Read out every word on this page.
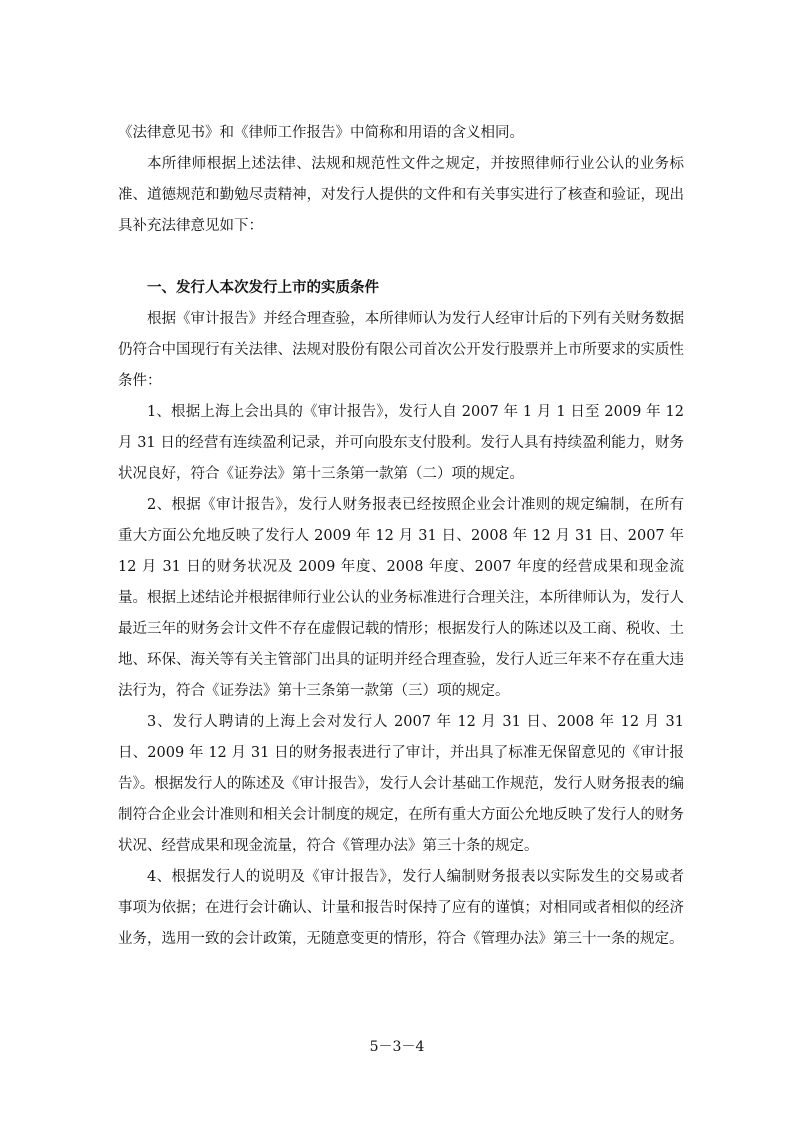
《法律意见书》和《律师工作报告》中简称和用语的含义相同。

本所律师根据上述法律、法规和规范性文件之规定，并按照律师行业公认的业务标准、道德规范和勤勉尽责精神，对发行人提供的文件和有关事实进行了核查和验证，现出具补充法律意见如下：

一、发行人本次发行上市的实质条件

根据《审计报告》并经合理查验，本所律师认为发行人经审计后的下列有关财务数据仍符合中国现行有关法律、法规对股份有限公司首次公开发行股票并上市所要求的实质性条件：

1、根据上海上会出具的《审计报告》，发行人自 2007 年 1 月 1 日至 2009 年 12 月 31 日的经营有连续盈利记录，并可向股东支付股利。发行人具有持续盈利能力，财务状况良好，符合《证券法》第十三条第一款第（二）项的规定。

2、根据《审计报告》，发行人财务报表已经按照企业会计准则的规定编制，在所有重大方面公允地反映了发行人 2009 年 12 月 31 日、2008 年 12 月 31 日、2007 年 12 月 31 日的财务状况及 2009 年度、2008 年度、2007 年度的经营成果和现金流量。根据上述结论并根据律师行业公认的业务标准进行合理关注，本所律师认为，发行人最近三年的财务会计文件不存在虚假记载的情形；根据发行人的陈述以及工商、税收、土地、环保、海关等有关主管部门出具的证明并经合理查验，发行人近三年来不存在重大违法行为，符合《证券法》第十三条第一款第（三）项的规定。

3、发行人聘请的上海上会对发行人 2007 年 12 月 31 日、2008 年 12 月 31 日、2009 年 12 月 31 日的财务报表进行了审计，并出具了标准无保留意见的《审计报告》。根据发行人的陈述及《审计报告》，发行人会计基础工作规范，发行人财务报表的编制符合企业会计准则和相关会计制度的规定，在所有重大方面公允地反映了发行人的财务状况、经营成果和现金流量，符合《管理办法》第三十条的规定。

4、根据发行人的说明及《审计报告》，发行人编制财务报表以实际发生的交易或者事项为依据；在进行会计确认、计量和报告时保持了应有的谨慎；对相同或者相似的经济业务，选用一致的会计政策，无随意变更的情形，符合《管理办法》第三十一条的规定。

5－3－4
